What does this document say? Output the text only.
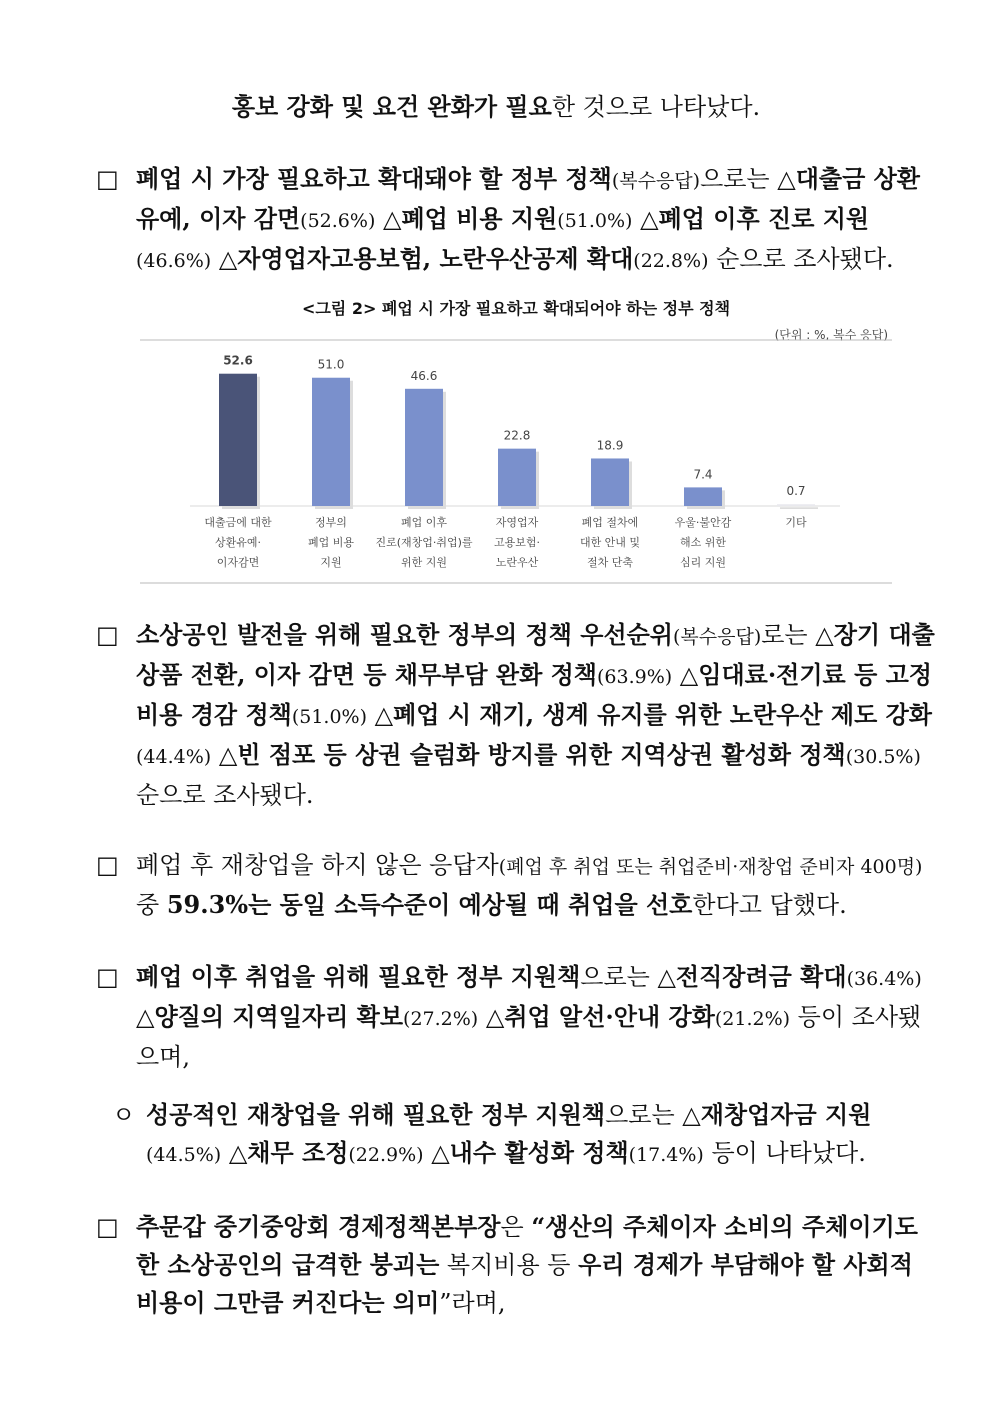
홍보 강화 및 요건 완화가 필요한 것으로 나타났다.
□ 폐업 시 가장 필요하고 확대돼야 할 정부 정책(복수응답)으로는 △대출금 상환 유예, 이자 감면(52.6%) △폐업 비용 지원(51.0%) △폐업 이후 진로 지원(46.6%) △자영업자고용보험, 노란우산공제 확대(22.8%) 순으로 조사됐다.
<그림 2> 폐업 시 가장 필요하고 확대되어야 하는 정부 정책
(단위 : %, 복수 응답)
52.6
대출금에 대한
상환유예·
이자감면
51.0
정부의
폐업 비용
지원
46.6
폐업 이후
진로(재창업·취업)를
위한 지원
22.8
자영업자
고용보험·
노란우산
18.9
폐업 절차에
대한 안내 및
절차 단축
7.4
우울·불안감
해소 위한
심리 지원
0.7
기타
□ 소상공인 발전을 위해 필요한 정부의 정책 우선순위(복수응답)로는 △장기 대출 상품 전환, 이자 감면 등 채무부담 완화 정책(63.9%) △임대료·전기료 등 고정비용 경감 정책(51.0%) △폐업 시 재기, 생계 유지를 위한 노란우산 제도 강화(44.4%) △빈 점포 등 상권 슬럼화 방지를 위한 지역상권 활성화 정책(30.5%) 순으로 조사됐다.
□ 폐업 후 재창업을 하지 않은 응답자(폐업 후 취업 또는 취업준비·재창업 준비자 400명) 중 59.3%는 동일 소득수준이 예상될 때 취업을 선호한다고 답했다.
□ 폐업 이후 취업을 위해 필요한 정부 지원책으로는 △전직장려금 확대(36.4%) △양질의 지역일자리 확보(27.2%) △취업 알선·안내 강화(21.2%) 등이 조사됐으며,
ㅇ 성공적인 재창업을 위해 필요한 정부 지원책으로는 △재창업자금 지원(44.5%) △채무 조정(22.9%) △내수 활성화 정책(17.4%) 등이 나타났다.
□ 추문갑 중기중앙회 경제정책본부장은 “생산의 주체이자 소비의 주체이기도 한 소상공인의 급격한 붕괴는 복지비용 등 우리 경제가 부담해야 할 사회적 비용이 그만큼 커진다는 의미”라며,
